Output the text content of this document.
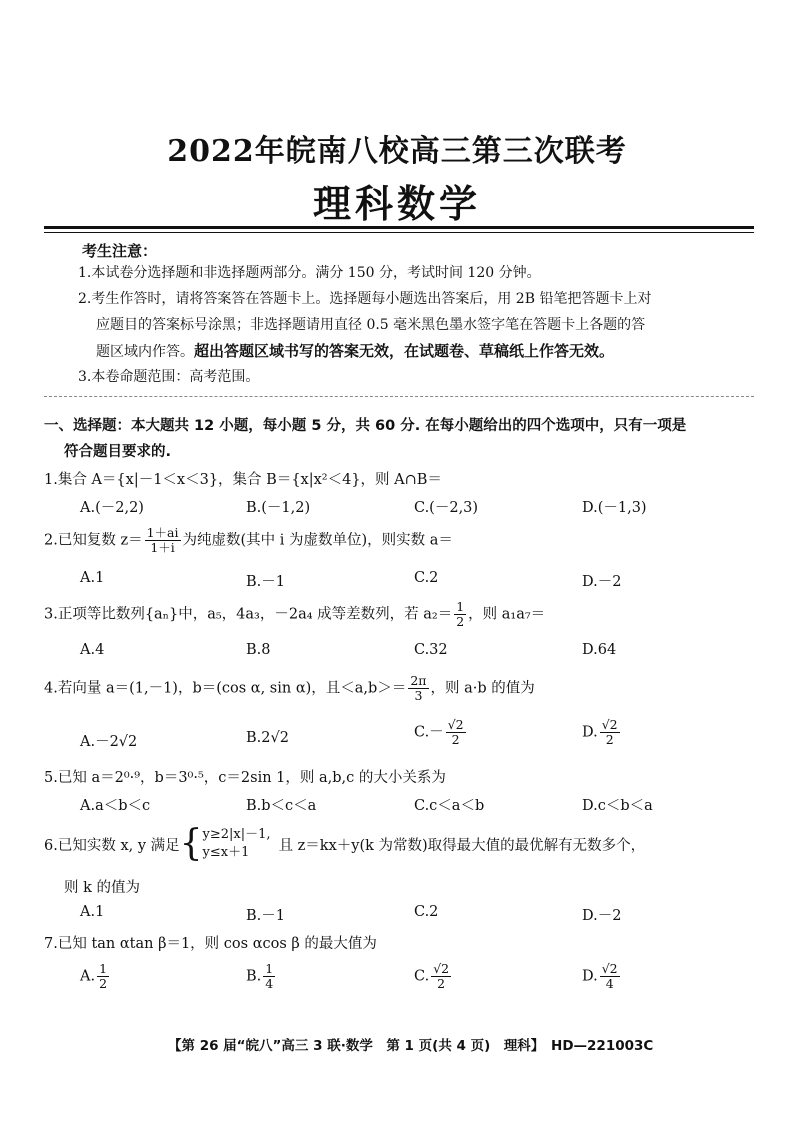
2022年皖南八校高三第三次联考
理科数学
考生注意：
1.本试卷分选择题和非选择题两部分。满分 150 分，考试时间 120 分钟。
2.考生作答时，请将答案答在答题卡上。选择题每小题选出答案后，用 2B 铅笔把答题卡上对
应题目的答案标号涂黑；非选择题请用直径 0.5 毫米黑色墨水签字笔在答题卡上各题的答
题区域内作答。超出答题区域书写的答案无效，在试题卷、草稿纸上作答无效。
3.本卷命题范围：高考范围。
一、选择题：本大题共 12 小题，每小题 5 分，共 60 分. 在每小题给出的四个选项中，只有一项是
符合题目要求的.
1.集合 A＝{x|－1＜x＜3}，集合 B＝{x|x²＜4}，则 A∩B＝
A.(－2,2)	B.(－1,2)	C.(－2,3)	D.(－1,3)
2.已知复数 $z= \frac{1+ai}{1+i}$ 为纯虚数(其中 i 为虚数单位)，则实数 a＝
A.1	B.－1	C.2	D.－2
3.正项等比数列{aₙ}中，a₅，4a₃，－2a₄ 成等差数列，若 $a_2= \frac{1}{2}$ ，则 a₁a₇＝
A.4	B.8	C.32	D.64
4.若向量 a＝(1,－1)，b＝(cos α, sin α)，且$<a,b>= \frac{2\pi}{3}$ ，则 a·b 的值为
A.－2√2	B.2√2	$C.- \frac{√2}{2}$	D. $\frac{√2}{2}$
5.已知 a＝2⁰·⁹，b＝3⁰·⁵，c＝2sin 1，则 a,b,c 的大小关系为
A.a＜b＜c	B.b＜c＜a	C.c＜a＜b	D.c＜b＜a
6.已知实数 x, y 满足 { y≥2|x|－1,
y≤x＋1	且 z＝kx＋y(k 为常数)取得最大值的最优解有无数多个，
则 k 的值为
A.1	B.－1	C.2	D.－2
7.已知 tan αtan β＝1，则 cos αcos β 的最大值为
A. $\frac{1}{2}$	B. $\frac{1}{4}$	C. $\frac{√2}{2}$	D. $\frac{√2}{4}$
【第 26 届“皖八”高三 3 联·数学　第 1 页(共 4 页)　理科】　HD—221003C
